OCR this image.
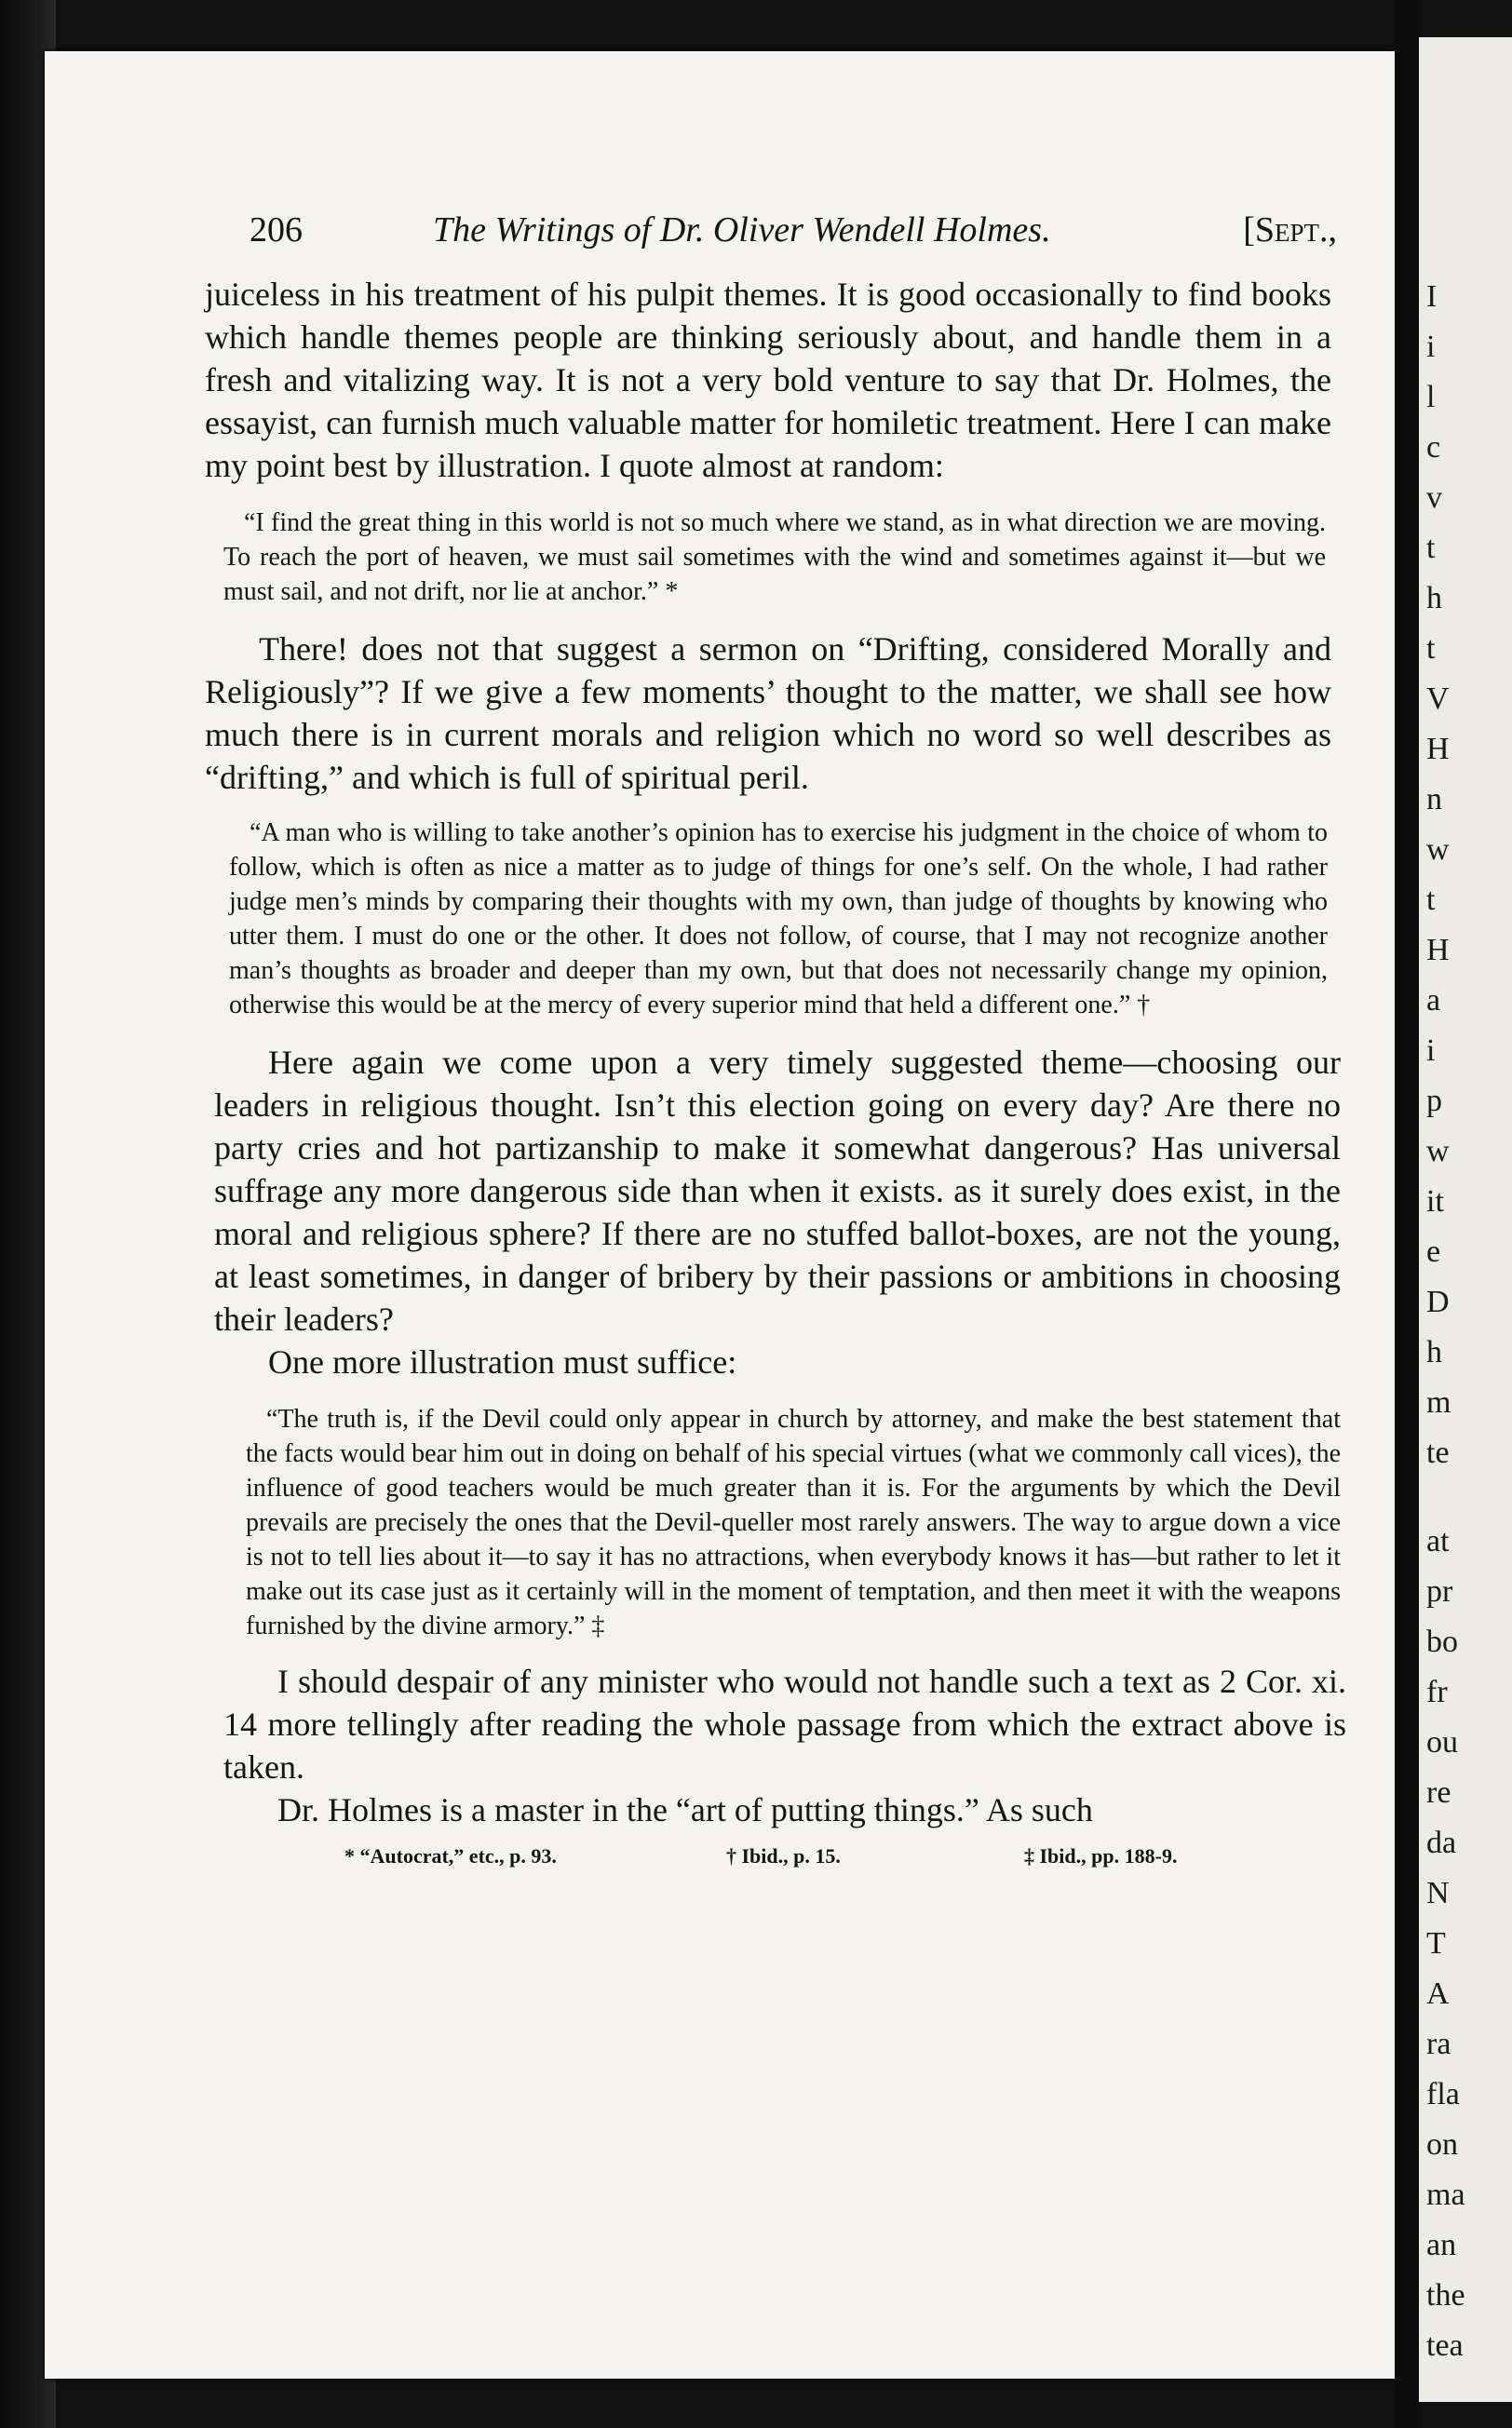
206	The Writings of Dr. Oliver Wendell Holmes.	[Sept.,

juiceless in his treatment of his pulpit themes. It is good occasionally to find books which handle themes people are thinking seriously about, and handle them in a fresh and vitalizing way. It is not a very bold venture to say that Dr. Holmes, the essayist, can furnish much valuable matter for homiletic treatment. Here I can make my point best by illustration. I quote almost at random:

“I find the great thing in this world is not so much where we stand, as in what direction we are moving. To reach the port of heaven, we must sail sometimes with the wind and sometimes against it—but we must sail, and not drift, nor lie at anchor.” *

There! does not that suggest a sermon on “Drifting, considered Morally and Religiously”? If we give a few moments’ thought to the matter, we shall see how much there is in current morals and religion which no word so well describes as “drifting,” and which is full of spiritual peril.

“A man who is willing to take another’s opinion has to exercise his judgment in the choice of whom to follow, which is often as nice a matter as to judge of things for one’s self. On the whole, I had rather judge men’s minds by comparing their thoughts with my own, than judge of thoughts by knowing who utter them. I must do one or the other. It does not follow, of course, that I may not recognize another man’s thoughts as broader and deeper than my own, but that does not necessarily change my opinion, otherwise this would be at the mercy of every superior mind that held a different one.” †

Here again we come upon a very timely suggested theme—choosing our leaders in religious thought. Isn’t this election going on every day? Are there no party cries and hot partizanship to make it somewhat dangerous? Has universal suffrage any more dangerous side than when it exists. as it surely does exist, in the moral and religious sphere? If there are no stuffed ballot-boxes, are not the young, at least sometimes, in danger of bribery by their passions or ambitions in choosing their leaders?

One more illustration must suffice:

“The truth is, if the Devil could only appear in church by attorney, and make the best statement that the facts would bear him out in doing on behalf of his special virtues (what we commonly call vices), the influence of good teachers would be much greater than it is. For the arguments by which the Devil prevails are precisely the ones that the Devil-queller most rarely answers. The way to argue down a vice is not to tell lies about it—to say it has no attractions, when everybody knows it has—but rather to let it make out its case just as it certainly will in the moment of temptation, and then meet it with the weapons furnished by the divine armory.” ‡

I should despair of any minister who would not handle such a text as 2 Cor. xi. 14 more tellingly after reading the whole passage from which the extract above is taken.

Dr. Holmes is a master in the “art of putting things.” As such

* “Autocrat,” etc., p. 93.	† Ibid., p. 15.	‡ Ibid., pp. 188-9.
I
i
l
c
v
t
h
t
V
H
n
w
t
H
a
i
p
w
it
e
D
h
m
te
at
pr
bo
fr
ou
re
da
N
T
A
ra
fla
on
ma
an
the
tea
